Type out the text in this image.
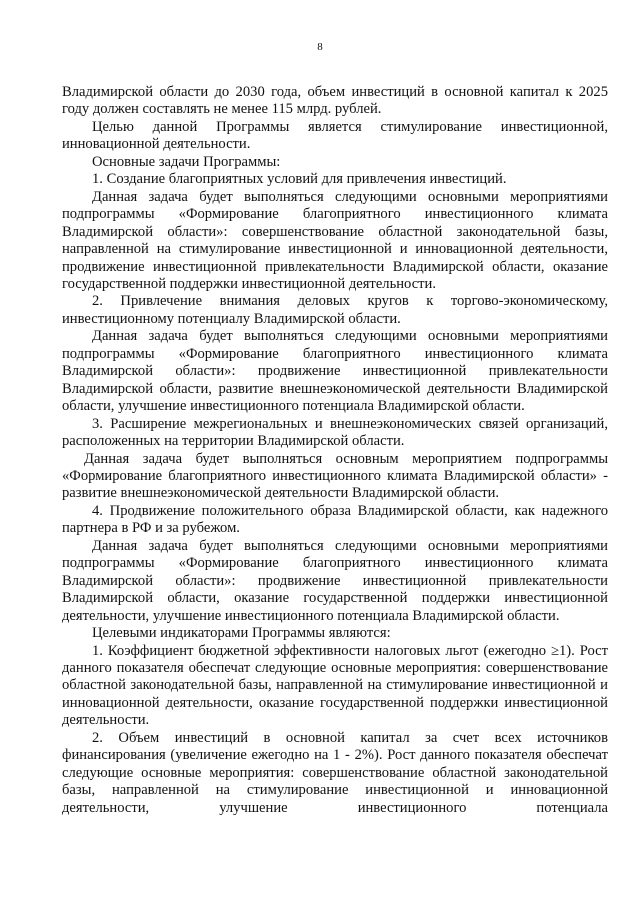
8

Владимирской области до 2030 года, объем инвестиций в основной капитал к 2025 году должен составлять не менее 115 млрд. рублей.

Целью данной Программы является стимулирование инвестиционной, инновационной деятельности.

Основные задачи Программы:

1. Создание благоприятных условий для привлечения инвестиций.

Данная задача будет выполняться следующими основными мероприятиями подпрограммы «Формирование благоприятного инвестиционного климата Владимирской области»: совершенствование областной законодательной базы, направленной на стимулирование инвестиционной и инновационной деятельности, продвижение инвестиционной привлекательности Владимирской области, оказание государственной поддержки инвестиционной деятельности.

2. Привлечение внимания деловых кругов к торгово-экономическому, инвестиционному потенциалу Владимирской области.

Данная задача будет выполняться следующими основными мероприятиями подпрограммы «Формирование благоприятного инвестиционного климата Владимирской области»: продвижение инвестиционной привлекательности Владимирской области, развитие внешнеэкономической деятельности Владимирской области, улучшение инвестиционного потенциала Владимирской области.

3. Расширение межрегиональных и внешнеэкономических связей организаций, расположенных на территории Владимирской области.

Данная задача будет выполняться основным мероприятием подпрограммы «Формирование благоприятного инвестиционного климата Владимирской области» - развитие внешнеэкономической деятельности Владимирской области.

4. Продвижение положительного образа Владимирской области, как надежного партнера в РФ и за рубежом.

Данная задача будет выполняться следующими основными мероприятиями подпрограммы «Формирование благоприятного инвестиционного климата Владимирской области»: продвижение инвестиционной привлекательности Владимирской области, оказание государственной поддержки инвестиционной деятельности, улучшение инвестиционного потенциала Владимирской области.

Целевыми индикаторами Программы являются:

1. Коэффициент бюджетной эффективности налоговых льгот (ежегодно ≥1). Рост данного показателя обеспечат следующие основные мероприятия: совершенствование областной законодательной базы, направленной на стимулирование инвестиционной и инновационной деятельности, оказание государственной поддержки инвестиционной деятельности.

2. Объем инвестиций в основной капитал за счет всех источников финансирования (увеличение ежегодно на 1 - 2%). Рост данного показателя обеспечат следующие основные мероприятия: совершенствование областной законодательной базы, направленной на стимулирование инвестиционной и инновационной деятельности, улучшение инвестиционного потенциала
